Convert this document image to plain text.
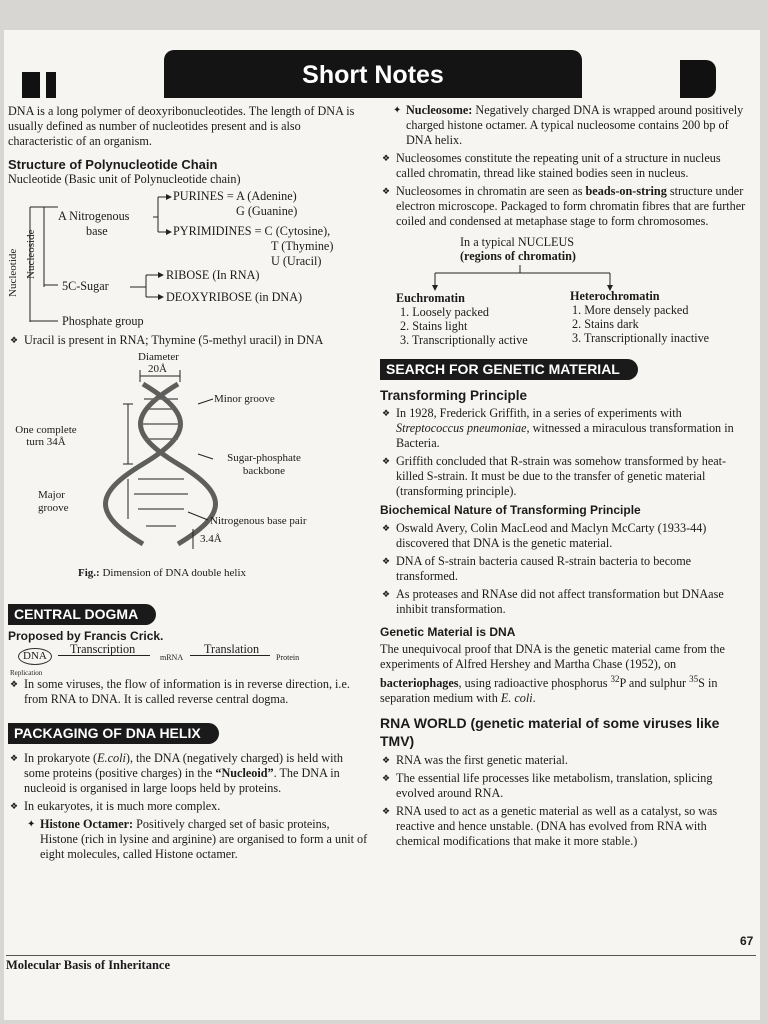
Short Notes

DNA is a long polymer of deoxyribonucleotides. The length of DNA is usually defined as number of nucleotides present and is also characteristic of an organism.

Structure of Polynucleotide Chain

Nucleotide (Basic unit of Polynucleotide chain)

Nucleotide Nucleoside
A Nitrogenous
base
PURINES = A (Adenine)
G (Guanine)
PYRIMIDINES = C (Cytosine),
T (Thymine)
U (Uracil)
5C-Sugar
RIBOSE (In RNA)
DEOXYRIBOSE (in DNA)
Phosphate group

❖ Uracil is present in RNA; Thymine (5-methyl uracil) in DNA

Diameter
20Å
One complete turn 34Å
Major groove
Minor groove
Sugar-phosphate backbone
Nitrogenous base pair
3.4Å
Fig.: Dimension of DNA double helix
CENTRAL DOGMA

Proposed by Francis Crick.

DNA
Replication
Transcription
mRNA
Translation
Protein

❖ In some viruses, the flow of information is in reverse direction, i.e. from RNA to DNA. It is called reverse central dogma.

PACKAGING OF DNA HELIX

❖ In prokaryote (E.coli), the DNA (negatively charged) is held with some proteins (positive charges) in the “Nucleoid”. The DNA in nucleoid is organised in large loops held by proteins.

❖ In eukaryotes, it is much more complex.

✦ Histone Octamer: Positively charged set of basic proteins, Histone (rich in lysine and arginine) are organised to form a unit of eight molecules, called Histone octamer.

✦ Nucleosome: Negatively charged DNA is wrapped around positively charged histone octamer. A typical nucleosome contains 200 bp of DNA helix.

❖ Nucleosomes constitute the repeating unit of a structure in nucleus called chromatin, thread like stained bodies seen in nucleus.

❖ Nucleosomes in chromatin are seen as beads-on-string structure under electron microscope. Packaged to form chromatin fibres that are further coiled and condensed at metaphase stage to form chromosomes.

In a typical NUCLEUS
(regions of chromatin)
Euchromatin
1. Loosely packed
2. Stains light
3. Transcriptionally active
Heterochromatin
1. More densely packed
2. Stains dark
3. Transcriptionally inactive
SEARCH FOR GENETIC MATERIAL

Transforming Principle

❖ In 1928, Frederick Griffith, in a series of experiments with Streptococcus pneumoniae, witnessed a miraculous transformation in Bacteria.

❖ Griffith concluded that R-strain was somehow transformed by heat-killed S-strain. It must be due to the transfer of genetic material (transforming principle).

Biochemical Nature of Transforming Principle

❖ Oswald Avery, Colin MacLeod and Maclyn McCarty (1933-44) discovered that DNA is the genetic material.

❖ DNA of S-strain bacteria caused R-strain bacteria to become transformed.

❖ As proteases and RNAse did not affect transformation but DNAase inhibit transformation.

Genetic Material is DNA

The unequivocal proof that DNA is the genetic material came from the experiments of Alfred Hershey and Martha Chase (1952), on bacteriophages, using radioactive phosphorus $^{32}$P and sulphur $^{35}$S in separation medium with E. coli.

RNA WORLD (genetic material of some viruses like TMV)

❖ RNA was the first genetic material.

❖ The essential life processes like metabolism, translation, splicing evolved around RNA.

❖ RNA used to act as a genetic material as well as a catalyst, so was reactive and hence unstable. (DNA has evolved from RNA with chemical modifications that make it more stable.)

67
Molecular Basis of Inheritance
